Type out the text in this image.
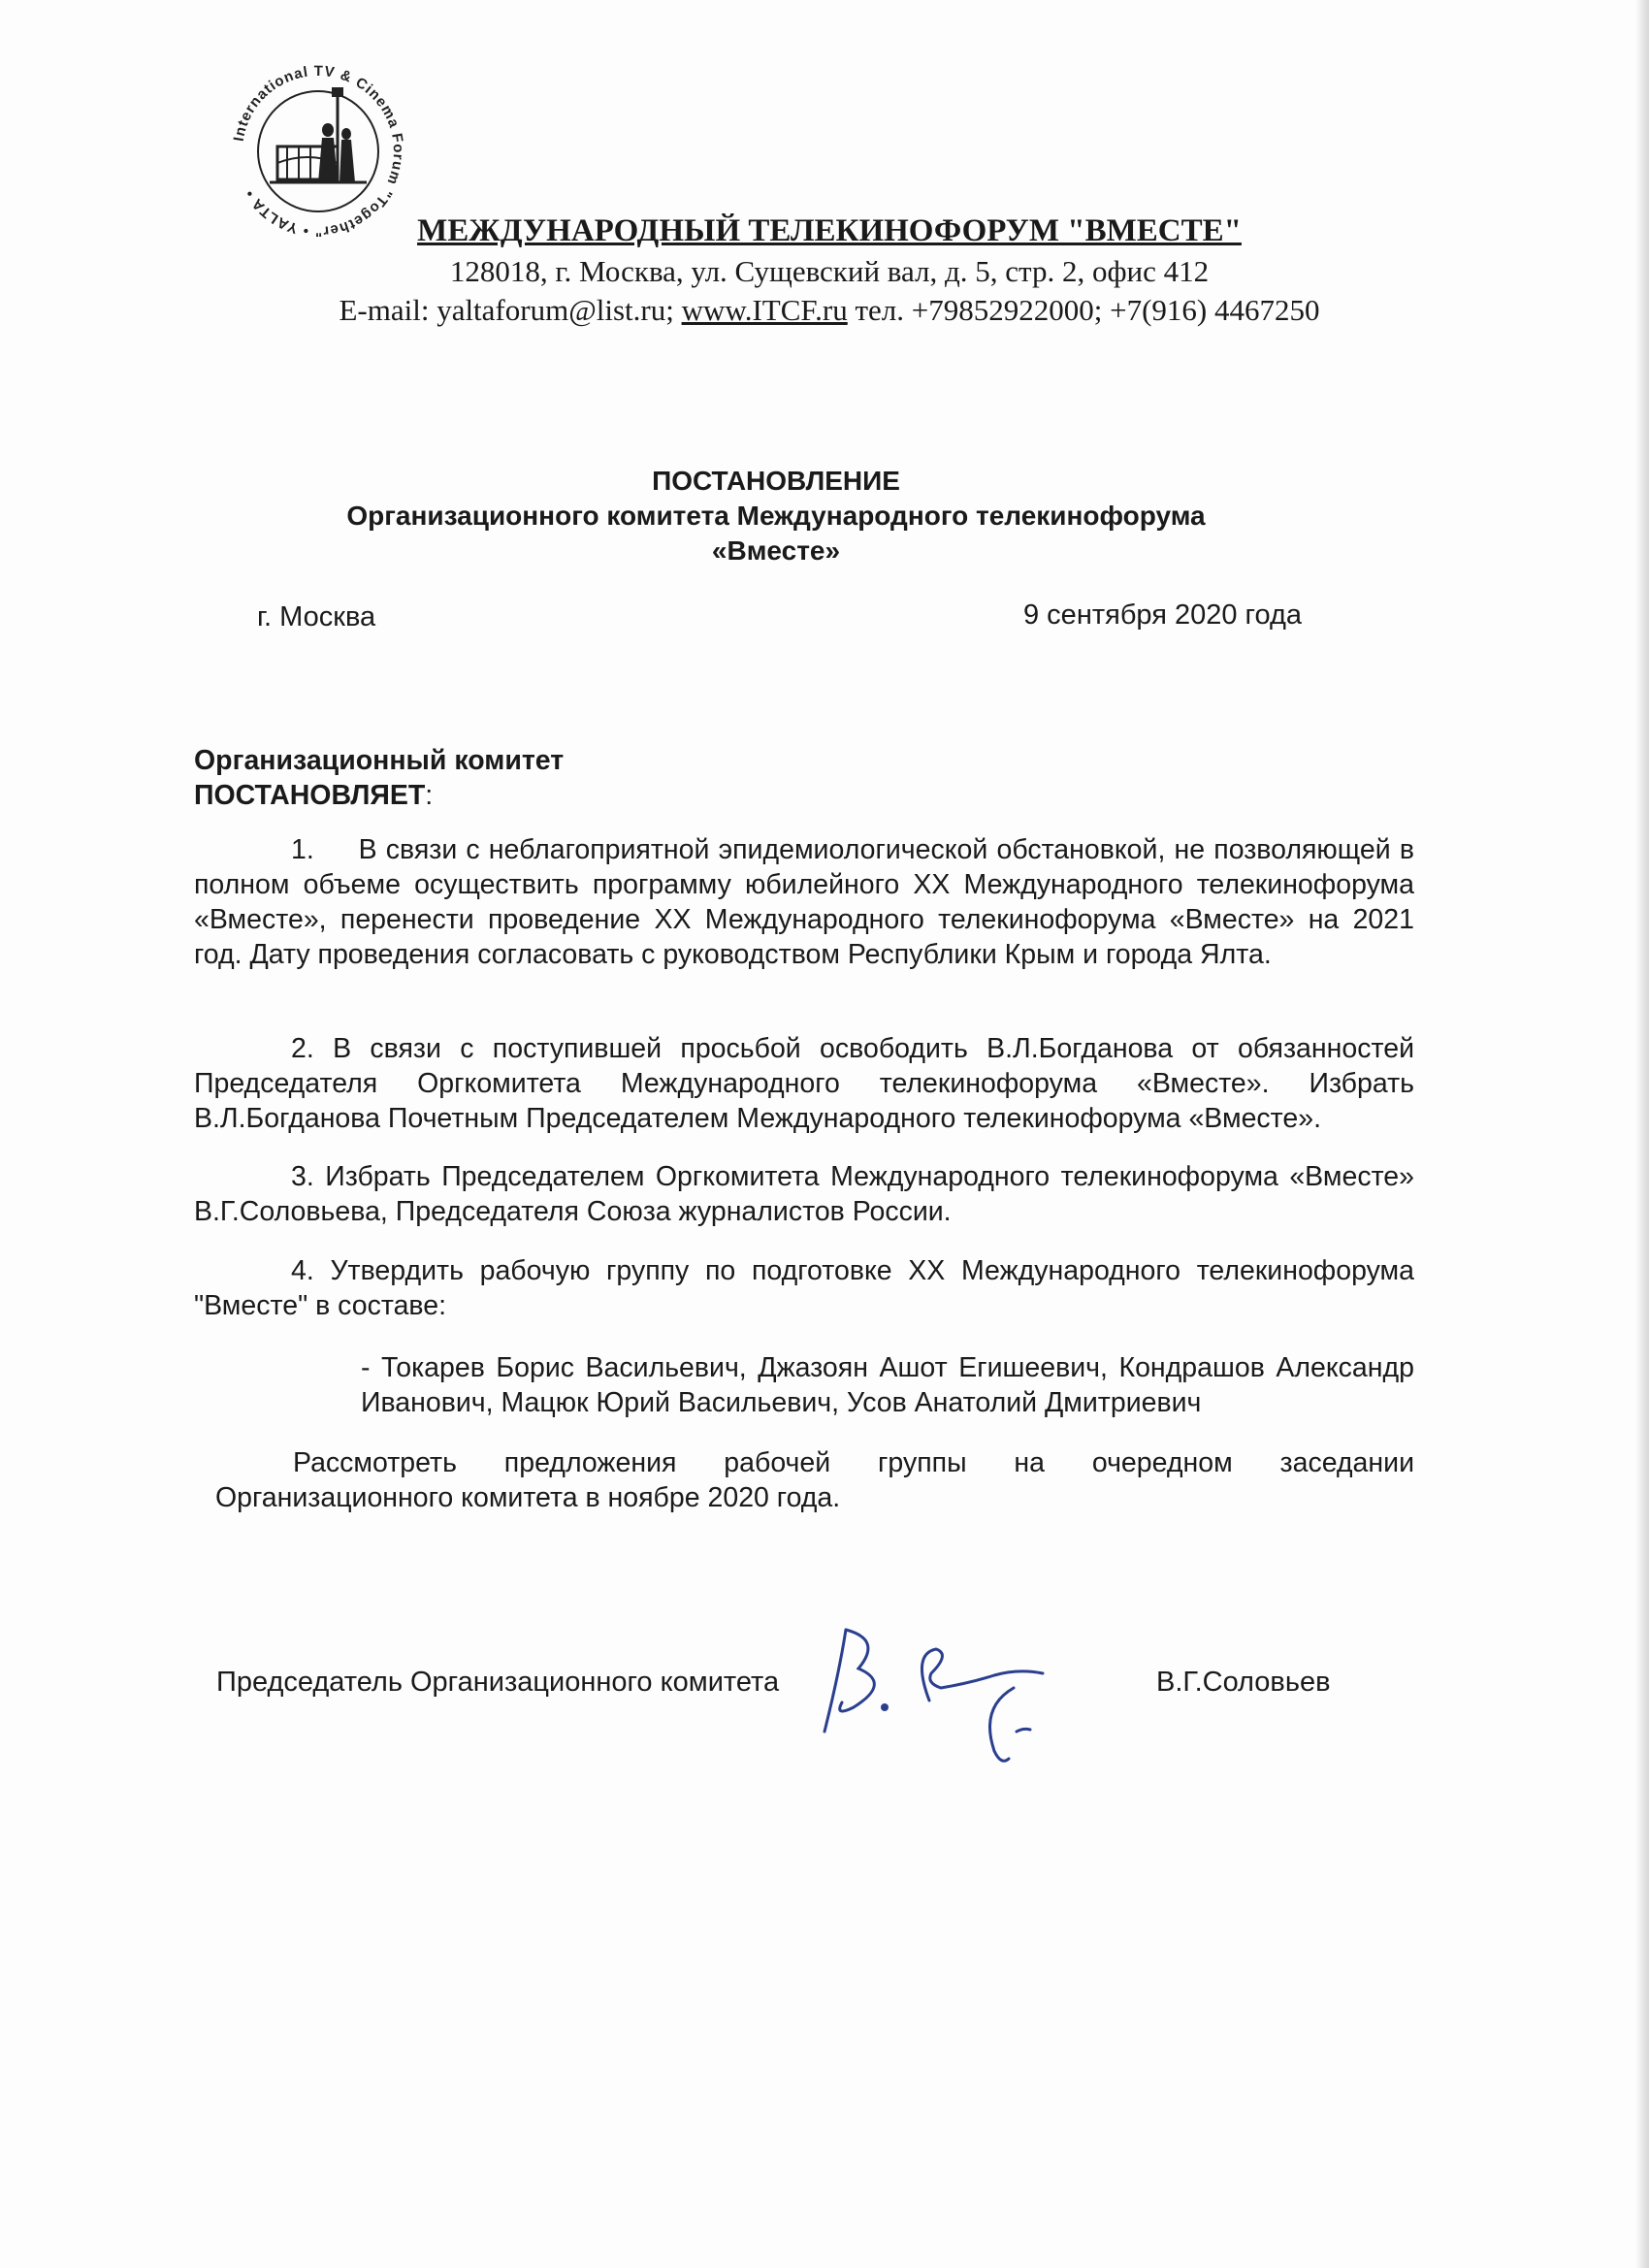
International TV & Cinema Forum "Together" • YALTA •
МЕЖДУНАРОДНЫЙ ТЕЛЕКИНОФОРУМ "ВМЕСТЕ"
128018, г. Москва, ул. Сущевский вал, д. 5, стр. 2, офис 412
E-mail: yaltaforum@list.ru; www.ITCF.ru тел. +79852922000; +7(916) 4467250
ПОСТАНОВЛЕНИЕ
Организационного комитета Международного телекинофорума
«Вместе»
г. Москва	9 сентября 2020 года
Организационный комитет
ПОСТАНОВЛЯЕТ:
1.     В связи с неблагоприятной эпидемиологической обстановкой, не позволяющей в полном объеме осуществить программу юбилейного XX Международного телекинофорума «Вместе», перенести проведение XX Международного телекинофорума «Вместе» на 2021 год. Дату проведения согласовать с руководством Республики Крым и города Ялта.
2. В связи с поступившей просьбой освободить В.Л.Богданова от обязанностей Председателя Оргкомитета Международного телекинофорума «Вместе». Избрать В.Л.Богданова Почетным Председателем Международного телекинофорума «Вместе».
3. Избрать Председателем Оргкомитета Международного телекинофорума «Вместе» В.Г.Соловьева, Председателя Союза журналистов России.
4. Утвердить рабочую группу по подготовке XX Международного телекинофорума "Вместе" в составе:
- Токарев Борис Васильевич, Джазоян Ашот Егишеевич, Кондрашов Александр Иванович, Мацюк Юрий Васильевич, Усов Анатолий Дмитриевич
Рассмотреть предложения рабочей группы на очередном заседании Организационного комитета в ноябре 2020 года.
Председатель Организационного комитета	В.Г.Соловьев
